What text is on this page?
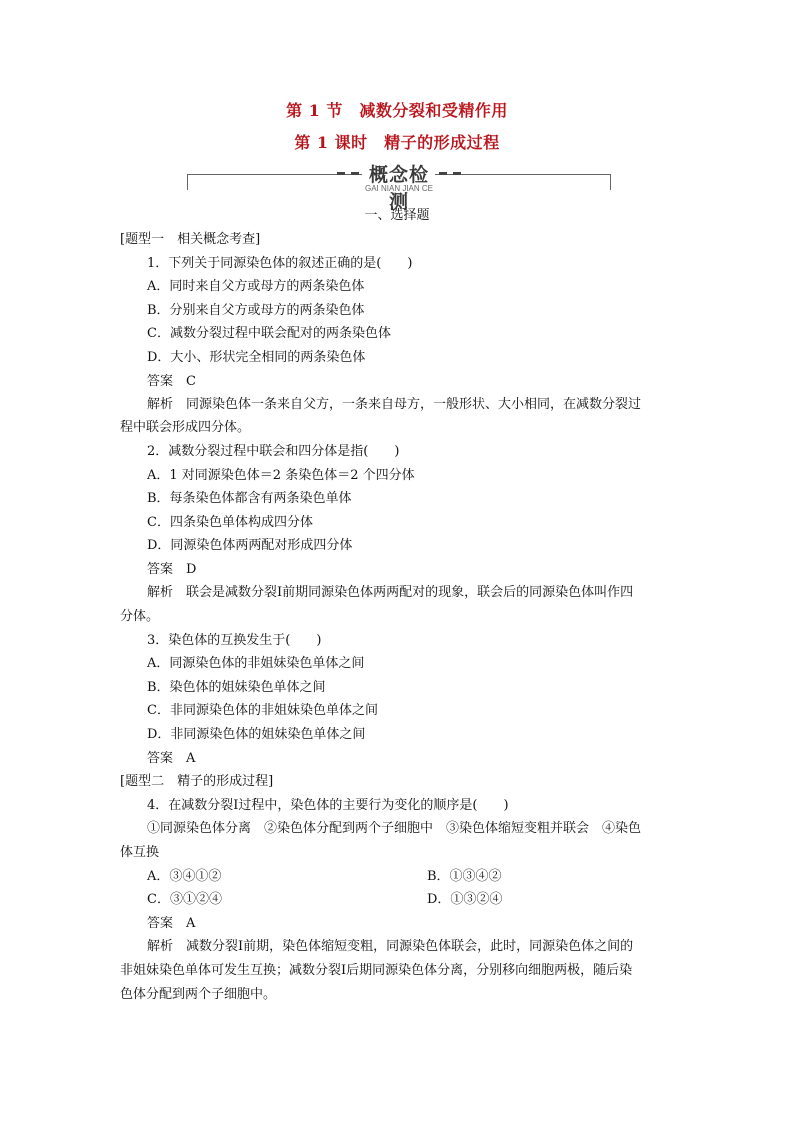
第 1 节　减数分裂和受精作用
第 1 课时　精子的形成过程
概念检测
GAI NIAN JIAN CE
一、选择题
[题型一　相关概念考查]
1．下列关于同源染色体的叙述正确的是(　　)
A．同时来自父方或母方的两条染色体
B．分别来自父方或母方的两条染色体
C．减数分裂过程中联会配对的两条染色体
D．大小、形状完全相同的两条染色体
答案　C
解析　同源染色体一条来自父方，一条来自母方，一般形状、大小相同，在减数分裂过
程中联会形成四分体。
2．减数分裂过程中联会和四分体是指(　　)
A．1 对同源染色体＝2 条染色体＝2 个四分体
B．每条染色体都含有两条染色单体
C．四条染色单体构成四分体
D．同源染色体两两配对形成四分体
答案　D
解析　联会是减数分裂Ⅰ前期同源染色体两两配对的现象，联会后的同源染色体叫作四
分体。
3．染色体的互换发生于(　　)
A．同源染色体的非姐妹染色单体之间
B．染色体的姐妹染色单体之间
C．非同源染色体的非姐妹染色单体之间
D．非同源染色体的姐妹染色单体之间
答案　A
[题型二　精子的形成过程]
4．在减数分裂Ⅰ过程中，染色体的主要行为变化的顺序是(　　)
①同源染色体分离　②染色体分配到两个子细胞中　③染色体缩短变粗并联会　④染色
体互换
A．③④①②	B．①③④②
C．③①②④	D．①③②④
答案　A
解析　减数分裂Ⅰ前期，染色体缩短变粗，同源染色体联会，此时，同源染色体之间的
非姐妹染色单体可发生互换；减数分裂Ⅰ后期同源染色体分离，分别移向细胞两极，随后染
色体分配到两个子细胞中。
